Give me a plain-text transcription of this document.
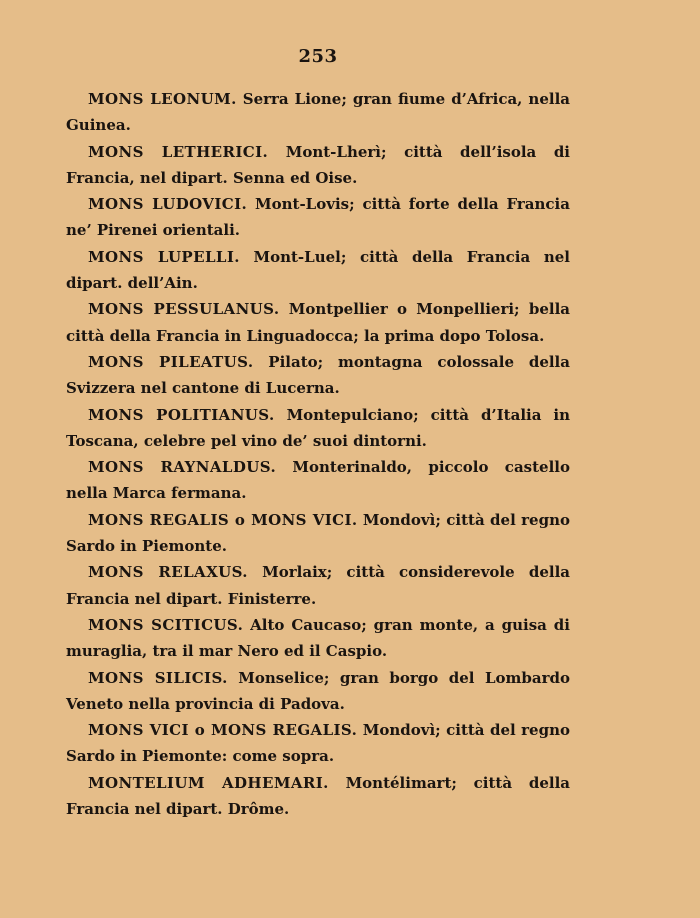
253

MONS LEONUM. Serra Lione; gran fiume d’Africa, nella Guinea.

MONS LETHERICI. Mont-Lherì; città dell’isola di Francia, nel dipart. Senna ed Oise.

MONS LUDOVICI. Mont-Lovis; città forte della Francia ne’ Pirenei orientali.

MONS LUPELLI. Mont-Luel; città della Francia nel dipart. dell’Ain.

MONS PESSULANUS. Montpellier o Monpellieri; bella città della Francia in Linguadocca; la prima dopo Tolosa.

MONS PILEATUS. Pilato; montagna colossale della Svizzera nel cantone di Lucerna.

MONS POLITIANUS. Montepulciano; città d’Italia in Toscana, celebre pel vino de’ suoi dintorni.

MONS RAYNALDUS. Monterinaldo, piccolo castello nella Marca fermana.

MONS REGALIS o MONS VICI. Mondovì; città del regno Sardo in Piemonte.

MONS RELAXUS. Morlaix; città considerevole della Francia nel dipart. Finisterre.

MONS SCITICUS. Alto Caucaso; gran monte, a guisa di muraglia, tra il mar Nero ed il Caspio.

MONS SILICIS. Monselice; gran borgo del Lombardo Veneto nella provincia di Padova.

MONS VICI o MONS REGALIS. Mondovì; città del regno Sardo in Piemonte: come sopra.

MONTELIUM ADHEMARI. Montélimart; città della Francia nel dipart. Drôme.
